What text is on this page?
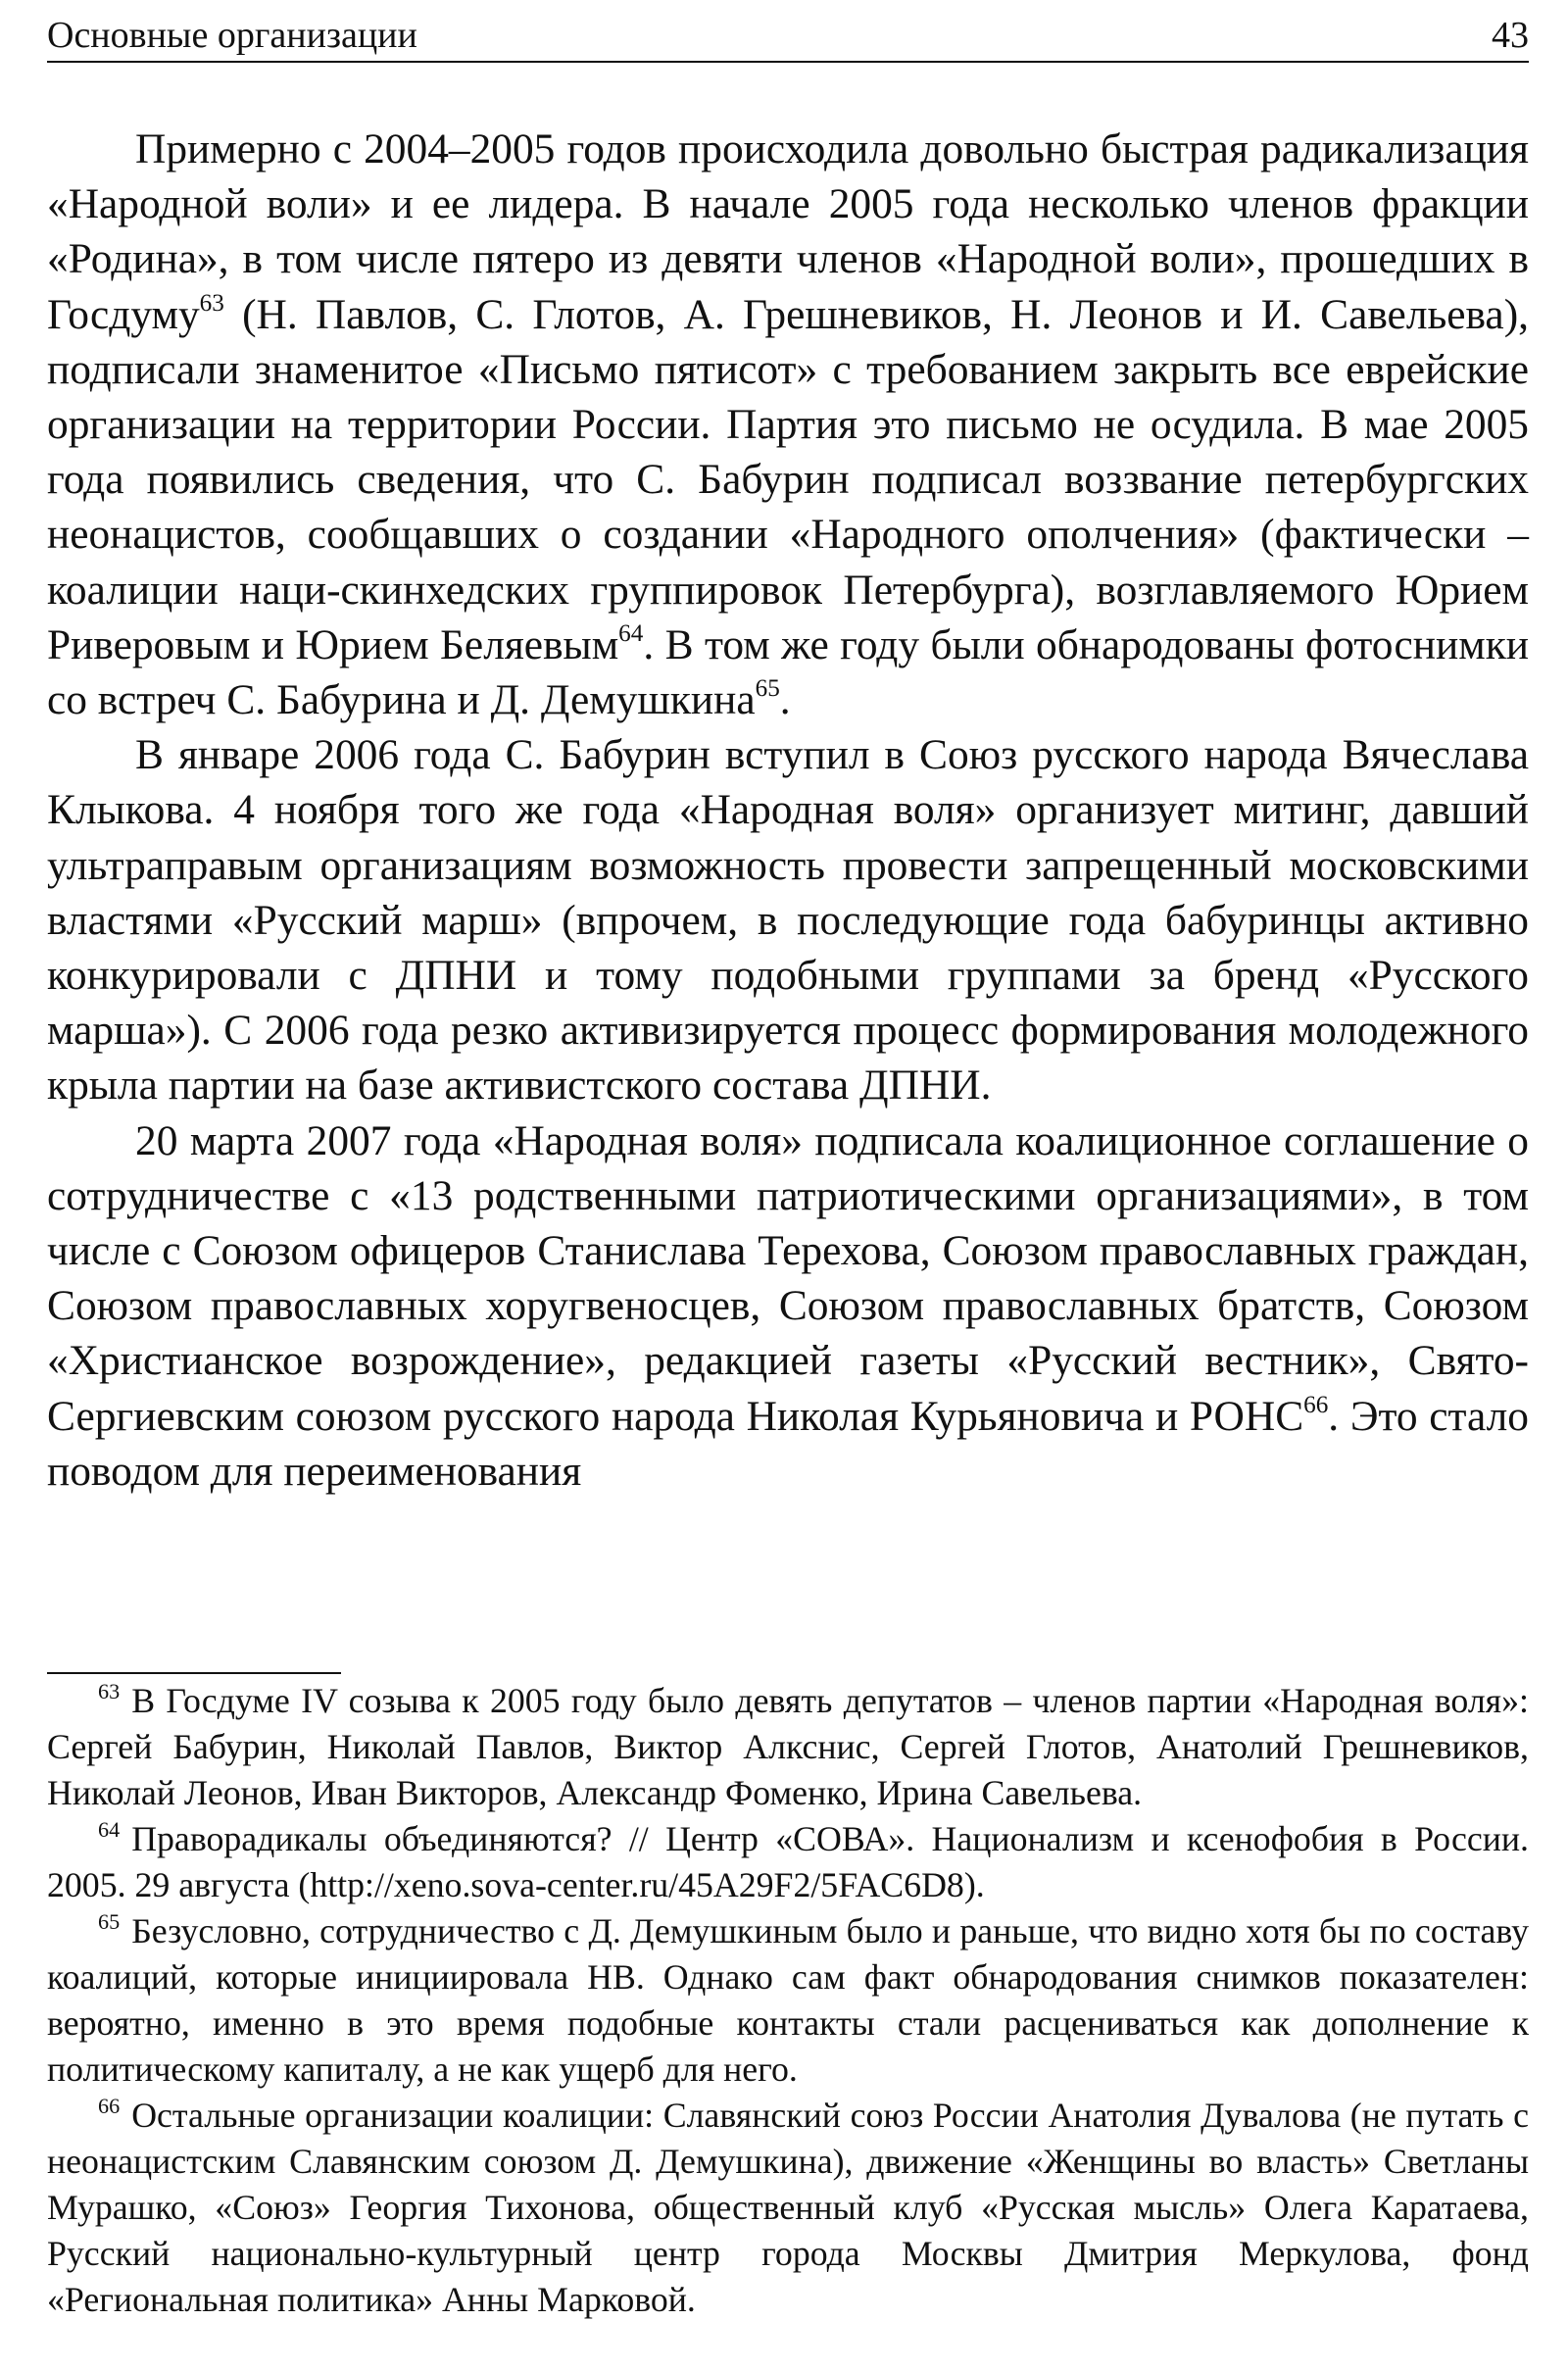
Основные организации	43

Примерно с 2004–2005 годов происходила довольно быстрая радикализация «Народной воли» и ее лидера. В начале 2005 года несколько членов фракции «Родина», в том числе пятеро из девяти членов «Народной воли», прошедших в Госдуму$^{63}$ (Н. Павлов, С. Глотов, А. Грешневиков, Н. Леонов и И. Савельева), подписали знаменитое «Письмо пятисот» с требованием закрыть все еврейские организации на территории России. Партия это письмо не осудила. В мае 2005 года появились сведения, что С. Бабурин подписал воззвание петербургских неонацистов, сообщавших о создании «Народного ополчения» (фактически – коалиции наци-скинхедских группировок Петербурга), возглавляемого Юрием Риверовым и Юрием Беляевым$^{64}$. В том же году были обнародованы фотоснимки со встреч С. Бабурина и Д. Демушкина$^{65}$.

В январе 2006 года С. Бабурин вступил в Союз русского народа Вячеслава Клыкова. 4 ноября того же года «Народная воля» организует митинг, давший ультраправым организациям возможность провести запрещенный московскими властями «Русский марш» (впрочем, в последующие года бабуринцы активно конкурировали с ДПНИ и тому подобными группами за бренд «Русского марша»). С 2006 года резко активизируется процесс формирования молодежного крыла партии на базе активистского состава ДПНИ.

20 марта 2007 года «Народная воля» подписала коалиционное соглашение о сотрудничестве с «13 родственными патриотическими организациями», в том числе с Союзом офицеров Станислава Терехова, Союзом православных граждан, Союзом православных хоругвеносцев, Союзом православных братств, Союзом «Христианское возрождение», редакцией газеты «Русский вестник», Свято-Сергиевским союзом русского народа Николая Курьяновича и РОНС$^{66}$. Это стало поводом для переименования

$^{63}$ В Госдуме IV созыва к 2005 году было девять депутатов – членов партии «Народная воля»: Сергей Бабурин, Николай Павлов, Виктор Алкснис, Сергей Глотов, Анатолий Грешневиков, Николай Леонов, Иван Викторов, Александр Фоменко, Ирина Савельева.

$^{64}$ Праворадикалы объединяются? // Центр «СОВА». Национализм и ксенофобия в России. 2005. 29 августа (http://xeno.sova-center.ru/45A29F2/5FAC6D8).

$^{65}$ Безусловно, сотрудничество с Д. Демушкиным было и раньше, что видно хотя бы по составу коалиций, которые инициировала НВ. Однако сам факт обнародования снимков показателен: вероятно, именно в это время подобные контакты стали расцениваться как дополнение к политическому капиталу, а не как ущерб для него.

$^{66}$ Остальные организации коалиции: Славянский союз России Анатолия Дувалова (не путать с неонацистским Славянским союзом Д. Демушкина), движение «Женщины во власть» Светланы Мурашко, «Союз» Георгия Тихонова, общественный клуб «Русская мысль» Олега Каратаева, Русский национально-культурный центр города Москвы Дмитрия Меркулова, фонд «Региональная политика» Анны Марковой.
